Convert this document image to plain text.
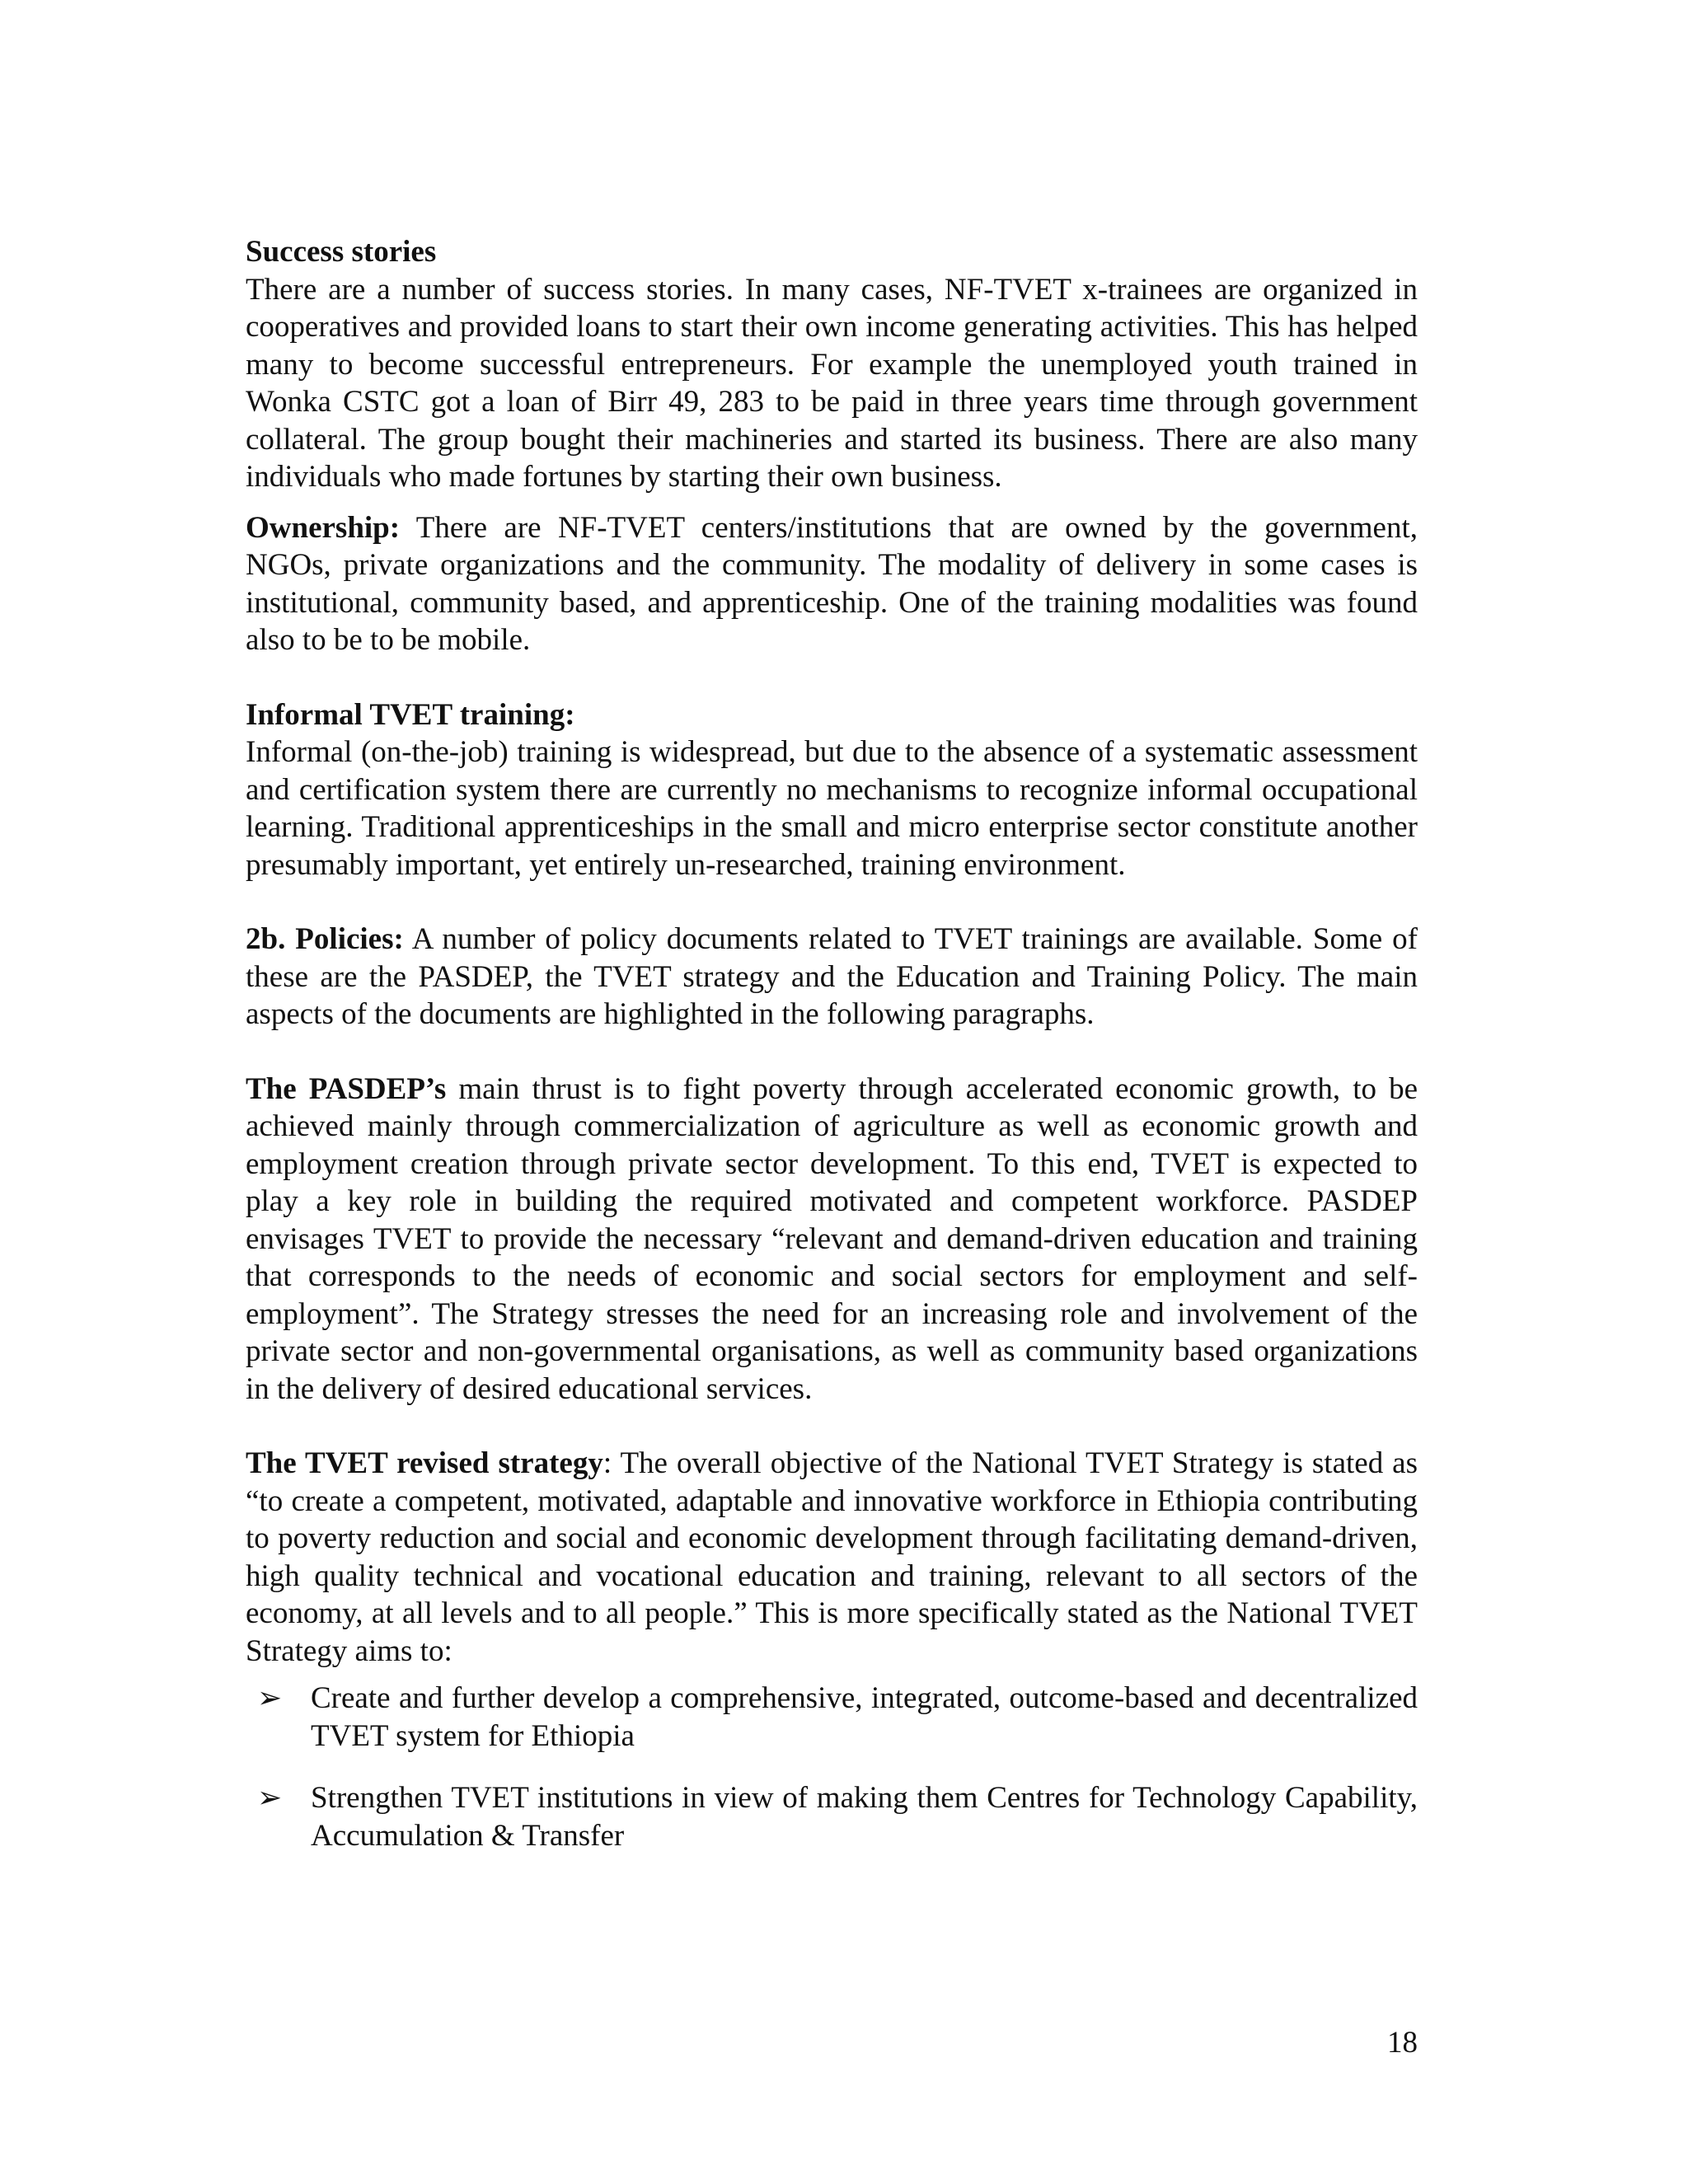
Success stories

There are a number of success stories. In many cases, NF-TVET x-trainees are organized in cooperatives and provided loans to start their own income generating activities. This has helped many to become successful entrepreneurs. For example the unemployed youth trained in Wonka CSTC got a loan of Birr 49, 283 to be paid in three years time through government collateral. The group bought their machineries and started its business. There are also many individuals who made fortunes by starting their own business.

Ownership: There are NF-TVET centers/institutions that are owned by the government, NGOs, private organizations and the community. The modality of delivery in some cases is institutional, community based, and apprenticeship. One of the training modalities was found also to be to be mobile.

Informal TVET training:

Informal (on-the-job) training is widespread, but due to the absence of a systematic assessment and certification system there are currently no mechanisms to recognize informal occupational learning. Traditional apprenticeships in the small and micro enterprise sector constitute another presumably important, yet entirely un-researched, training environment.

2b. Policies: A number of policy documents related to TVET trainings are available. Some of these are the PASDEP, the TVET strategy and the Education and Training Policy. The main aspects of the documents are highlighted in the following paragraphs.

The PASDEP’s main thrust is to fight poverty through accelerated economic growth, to be achieved mainly through commercialization of agriculture as well as economic growth and employment creation through private sector development. To this end, TVET is expected to play a key role in building the required motivated and competent workforce. PASDEP envisages TVET to provide the necessary “relevant and demand-driven education and training that corresponds to the needs of economic and social sectors for employment and self-employment”. The Strategy stresses the need for an increasing role and involvement of the private sector and non-governmental organisations, as well as community based organizations in the delivery of desired educational services.

The TVET revised strategy: The overall objective of the National TVET Strategy is stated as “to create a competent, motivated, adaptable and innovative workforce in Ethiopia contributing to poverty reduction and social and economic development through facilitating demand-driven, high quality technical and vocational education and training, relevant to all sectors of the economy, at all levels and to all people.” This is more specifically stated as the National TVET Strategy aims to:

➢ Create and further develop a comprehensive, integrated, outcome-based and decentralized TVET system for Ethiopia
➢ Strengthen TVET institutions in view of making them Centres for Technology Capability, Accumulation & Transfer
18
